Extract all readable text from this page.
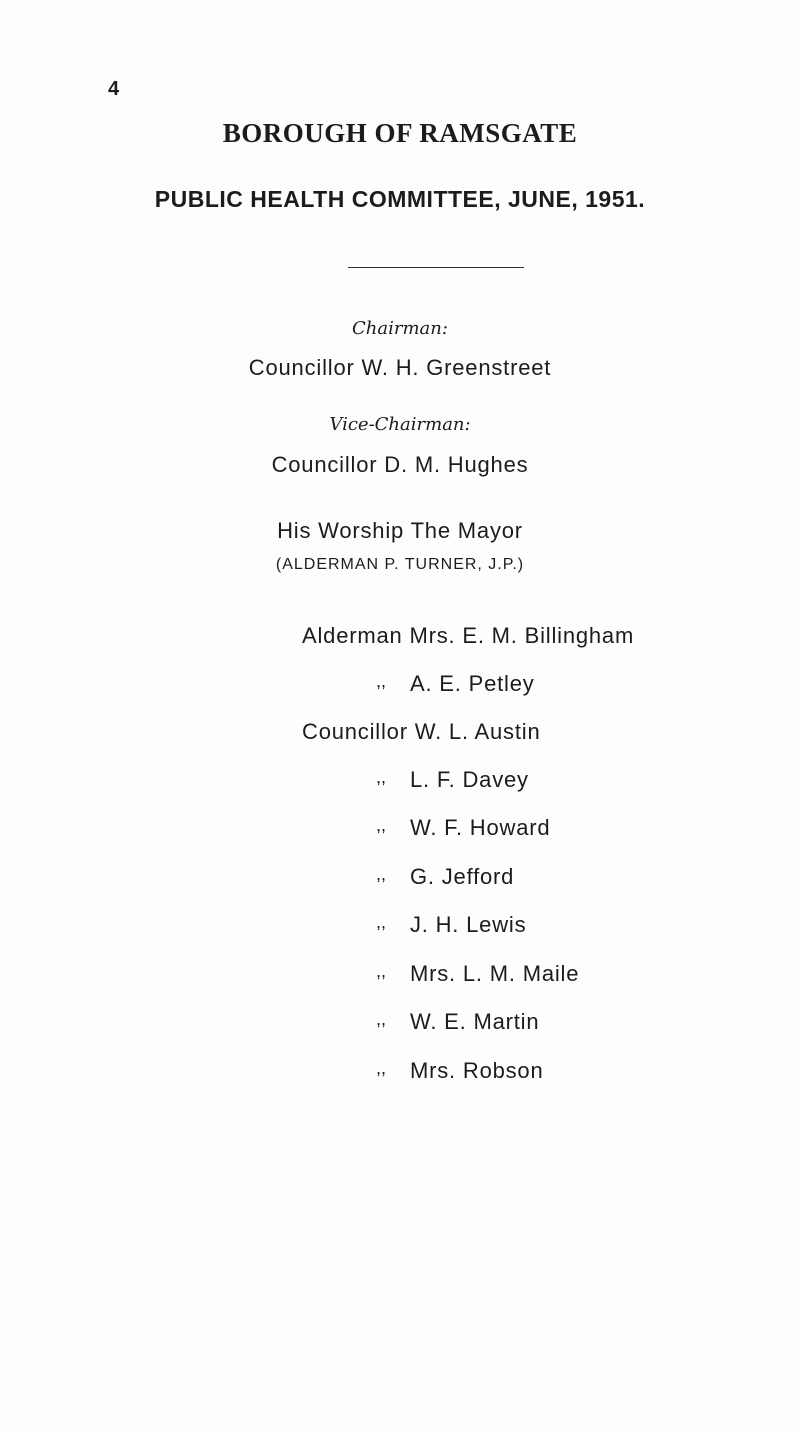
4
BOROUGH OF RAMSGATE
PUBLIC HEALTH COMMITTEE, JUNE, 1951.
Chairman:
Councillor W. H. Greenstreet
Vice-Chairman:
Councillor D. M. Hughes
His Worship The Mayor
(ALDERMAN P. TURNER, J.P.)
Alderman Mrs. E. M. Billingham
,, A. E. Petley
Councillor W. L. Austin
,, L. F. Davey
,, W. F. Howard
,, G. Jefford
,, J. H. Lewis
,, Mrs. L. M. Maile
,, W. E. Martin
,, Mrs. Robson
